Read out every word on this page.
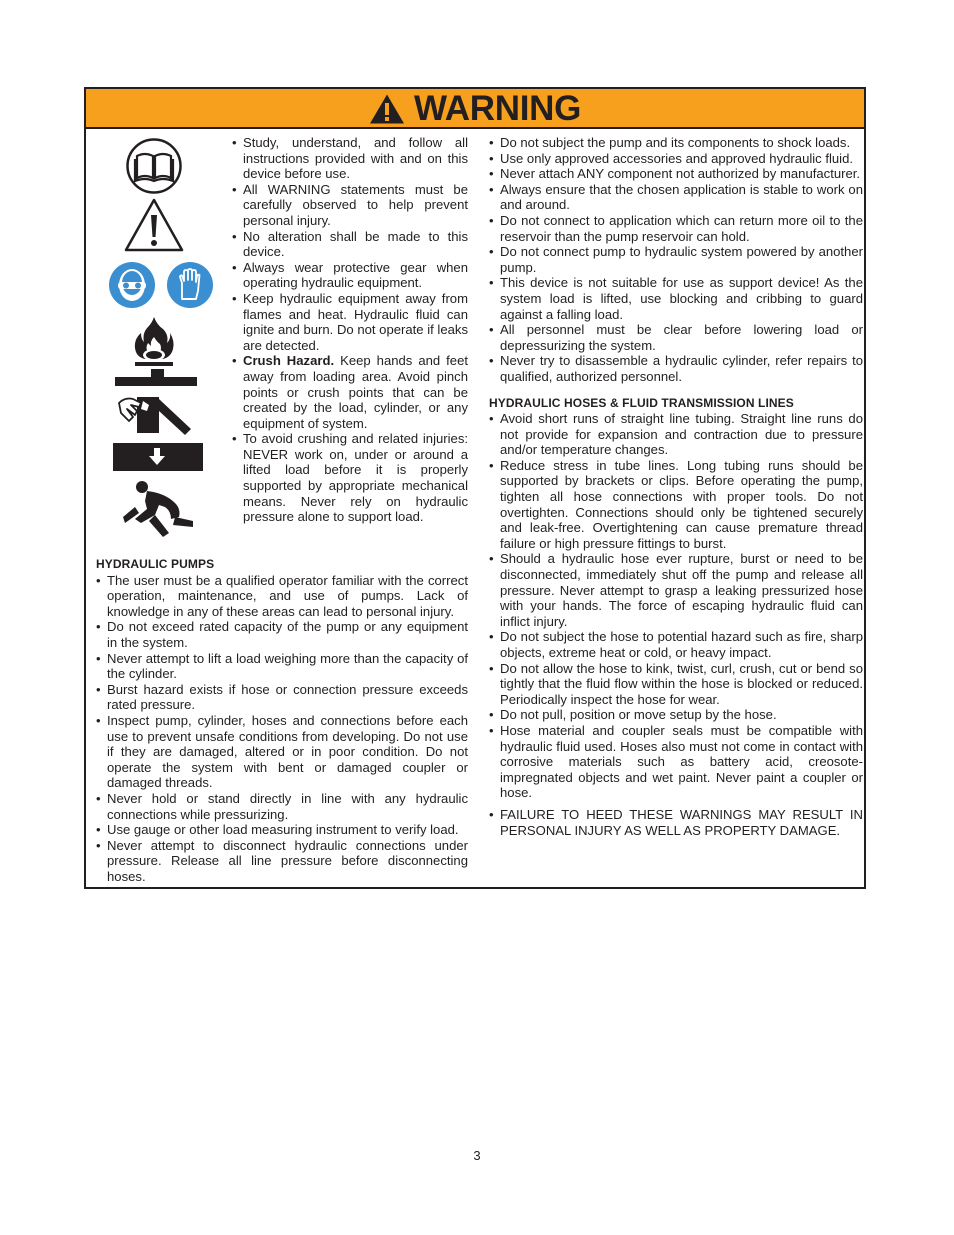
WARNING
• Study, understand, and follow all instructions provided with and on this device before use.
• All WARNING statements must be carefully observed to help prevent personal injury.
• No alteration shall be made to this device.
• Always wear protective gear when operating hydraulic equipment.
• Keep hydraulic equipment away from flames and heat. Hydraulic fluid can ignite and burn. Do not operate if leaks are detected.
• Crush Hazard. Keep hands and feet away from loading area. Avoid pinch points or crush points that can be created by the load, cylinder, or any equipment of system.
• To avoid crushing and related injuries: NEVER work on, under or around a lifted load before it is properly supported by appropriate mechanical means. Never rely on hydraulic pressure alone to support load.
HYDRAULIC PUMPS
• The user must be a qualified operator familiar with the correct operation, maintenance, and use of pumps. Lack of knowledge in any of these areas can lead to personal injury.
• Do not exceed rated capacity of the pump or any equipment in the system.
• Never attempt to lift a load weighing more than the capacity of the cylinder.
• Burst hazard exists if hose or connection pressure exceeds rated pressure.
• Inspect pump, cylinder, hoses and connections before each use to prevent unsafe conditions from developing. Do not use if they are damaged, altered or in poor condition. Do not operate the system with bent or damaged coupler or damaged threads.
• Never hold or stand directly in line with any hydraulic connections while pressurizing.
• Use gauge or other load measuring instrument to verify load.
• Never attempt to disconnect hydraulic connections under pressure. Release all line pressure before disconnecting hoses.
• Do not subject the pump and its components to shock loads.
• Use only approved accessories and approved hydraulic fluid.
• Never attach ANY component not authorized by manufacturer.
• Always ensure that the chosen application is stable to work on and around.
• Do not connect to application which can return more oil to the reservoir than the pump reservoir can hold.
• Do not connect pump to hydraulic system powered by another pump.
• This device is not suitable for use as support device! As the system load is lifted, use blocking and cribbing to guard against a falling load.
• All personnel must be clear before lowering load or depressurizing the system.
• Never try to disassemble a hydraulic cylinder, refer repairs to qualified, authorized personnel.
HYDRAULIC HOSES & FLUID TRANSMISSION LINES
• Avoid short runs of straight line tubing. Straight line runs do not provide for expansion and contraction due to pressure and/or temperature changes.
• Reduce stress in tube lines. Long tubing runs should be supported by brackets or clips. Before operating the pump, tighten all hose connections with proper tools. Do not overtighten. Connections should only be tightened securely and leak-free. Overtightening can cause premature thread failure or high pressure fittings to burst.
• Should a hydraulic hose ever rupture, burst or need to be disconnected, immediately shut off the pump and release all pressure. Never attempt to grasp a leaking pressurized hose with your hands. The force of escaping hydraulic fluid can inflict injury.
• Do not subject the hose to potential hazard such as fire, sharp objects, extreme heat or cold, or heavy impact.
• Do not allow the hose to kink, twist, curl, crush, cut or bend so tightly that the fluid flow within the hose is blocked or reduced. Periodically inspect the hose for wear.
• Do not pull, position or move setup by the hose.
• Hose material and coupler seals must be compatible with hydraulic fluid used. Hoses also must not come in contact with corrosive materials such as battery acid, creosote-impregnated objects and wet paint. Never paint a coupler or hose.
• FAILURE TO HEED THESE WARNINGS MAY RESULT IN PERSONAL INJURY AS WELL AS PROPERTY DAMAGE.
3
